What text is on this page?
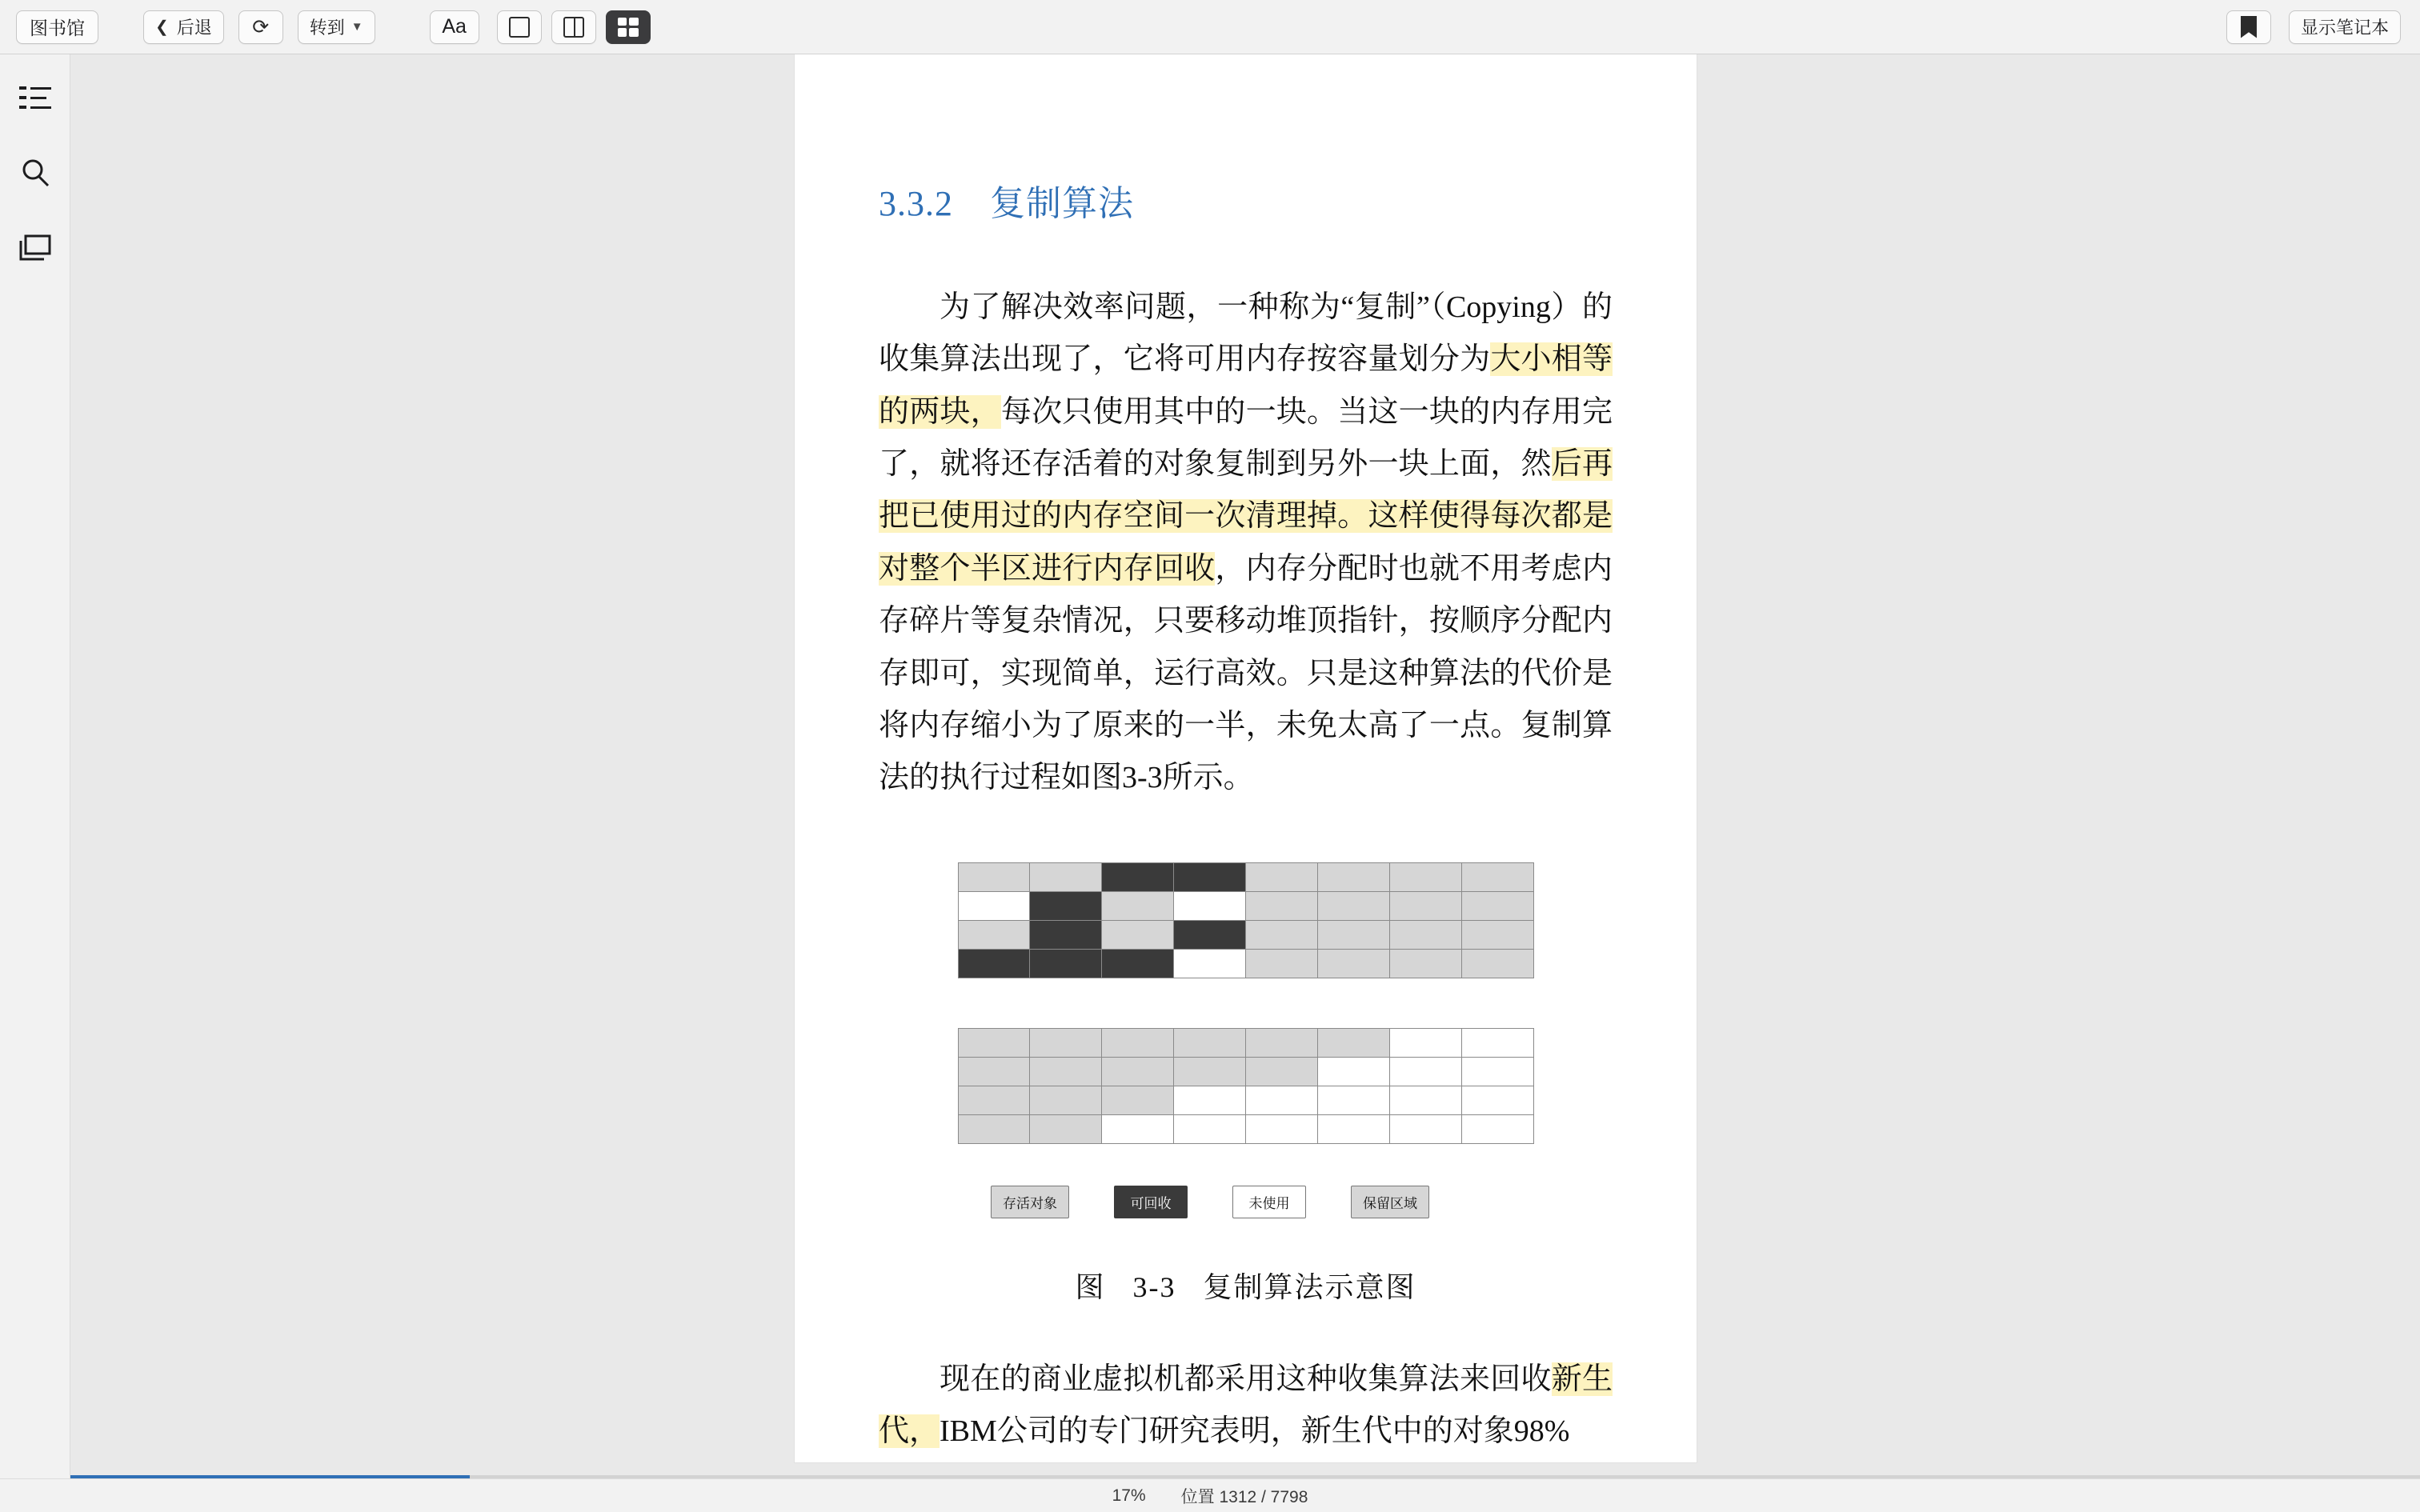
图书馆	❮ 后退 ⟳ 转到 ▼	Aa	显示笔记本
3.3.2 复制算法

为了解决效率问题，一种称为“复制”（Copying）的收集算法出现了，它将可用内存按容量划分为大小相等的两块，每次只使用其中的一块。当这一块的内存用完了，就将还存活着的对象复制到另外一块上面，然后再把已使用过的内存空间一次清理掉。这样使得每次都是对整个半区进行内存回收，内存分配时也就不用考虑内存碎片等复杂情况，只要移动堆顶指针，按顺序分配内存即可，实现简单，运行高效。只是这种算法的代价是将内存缩小为了原来的一半，未免太高了一点。复制算法的执行过程如图3-3所示。

存活对象	可回收	未使用	保留区域
图 3-3 复制算法示意图

现在的商业虚拟机都采用这种收集算法来回收新生代，IBM公司的专门研究表明，新生代中的对象98%

17% 位置 1312 / 7798
